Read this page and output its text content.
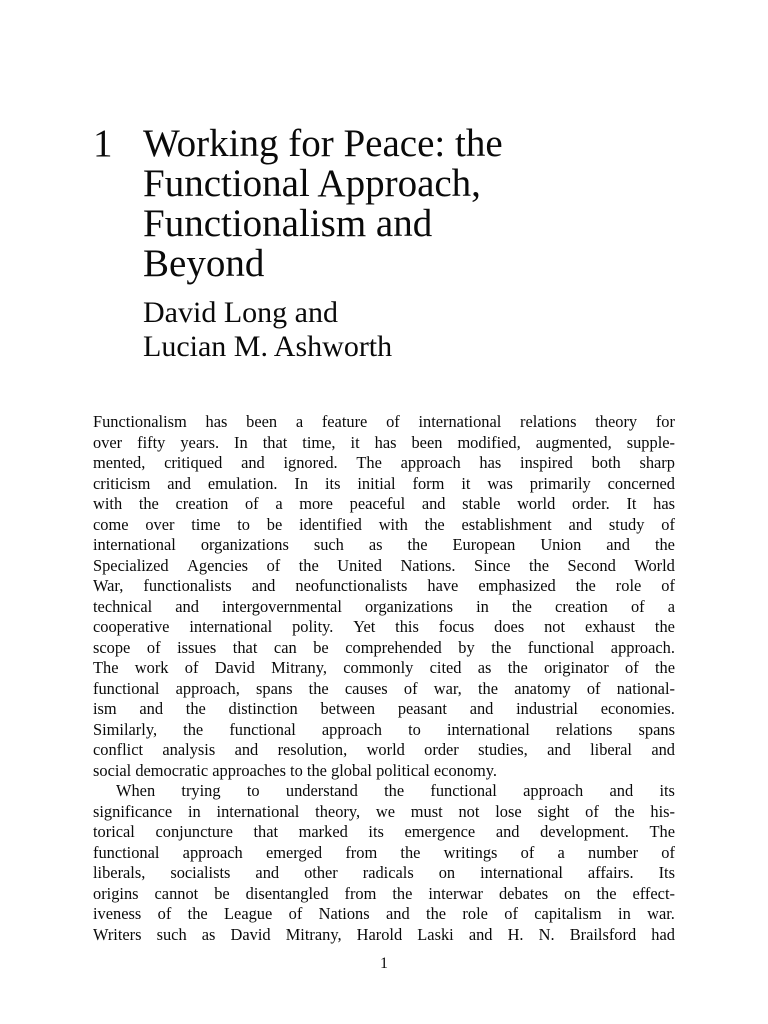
1 Working for Peace: the
Functional Approach,
Functionalism and
Beyond
David Long and
Lucian M. Ashworth
Functionalism has been a feature of international relations theory for
over fifty years. In that time, it has been modified, augmented, supple-
mented, critiqued and ignored. The approach has inspired both sharp
criticism and emulation. In its initial form it was primarily concerned
with the creation of a more peaceful and stable world order. It has
come over time to be identified with the establishment and study of
international organizations such as the European Union and the
Specialized Agencies of the United Nations. Since the Second World
War, functionalists and neofunctionalists have emphasized the role of
technical and intergovernmental organizations in the creation of a
cooperative international polity. Yet this focus does not exhaust the
scope of issues that can be comprehended by the functional approach.
The work of David Mitrany, commonly cited as the originator of the
functional approach, spans the causes of war, the anatomy of national-
ism and the distinction between peasant and industrial economies.
Similarly, the functional approach to international relations spans
conflict analysis and resolution, world order studies, and liberal and
social democratic approaches to the global political economy.
When trying to understand the functional approach and its
significance in international theory, we must not lose sight of the his-
torical conjuncture that marked its emergence and development. The
functional approach emerged from the writings of a number of
liberals, socialists and other radicals on international affairs. Its
origins cannot be disentangled from the interwar debates on the effect-
iveness of the League of Nations and the role of capitalism in war.
Writers such as David Mitrany, Harold Laski and H. N. Brailsford had
1
